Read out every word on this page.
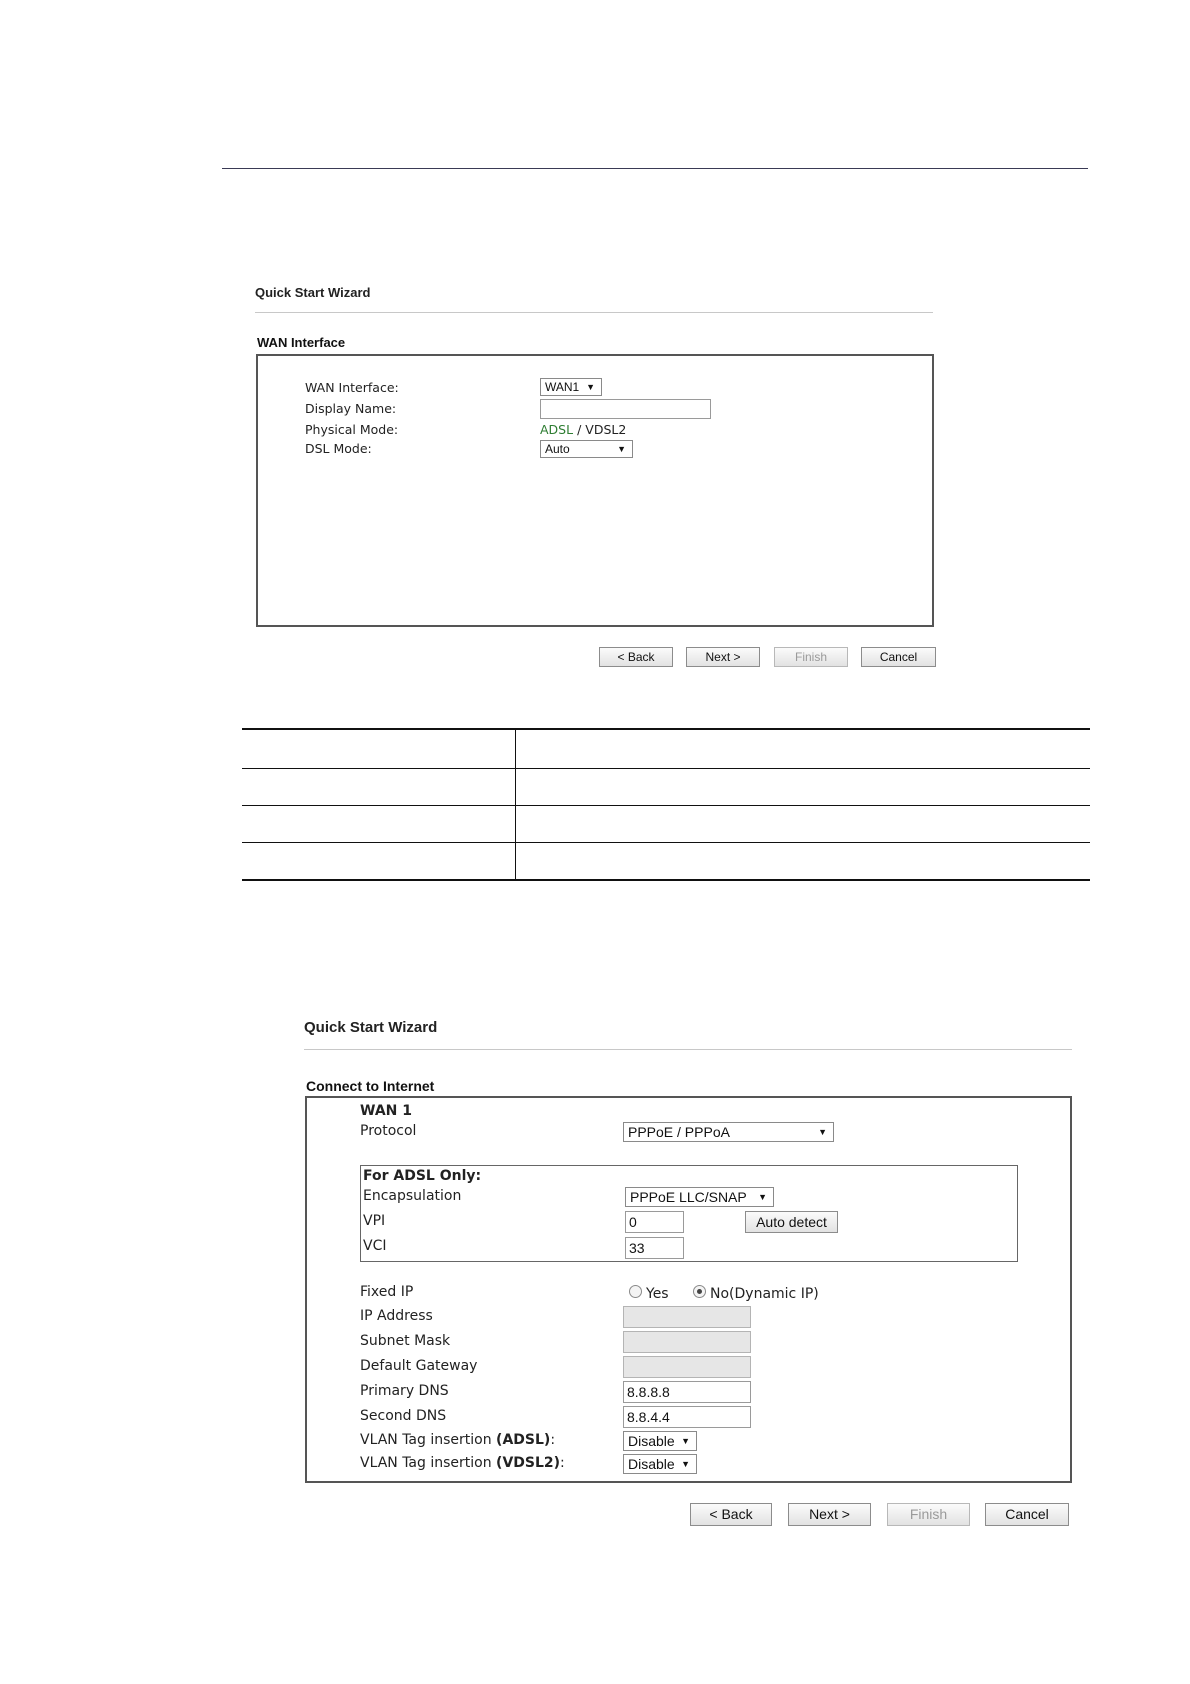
Quick Start Wizard
WAN Interface
WAN Interface:	WAN1 ▼
Display Name:
Physical Mode:	ADSL / VDSL2
DSL Mode:	Auto	▼
< Back	Next >	Finish	Cancel
Quick Start Wizard
Connect to Internet
WAN 1
Protocol	PPPoE / PPPoA	▼
For ADSL Only:
Encapsulation	PPPoE LLC/SNAP ▼
VPI	0	Auto detect
VCI	33
Fixed IP	Yes	No(Dynamic IP)
IP Address
Subnet Mask
Default Gateway
Primary DNS	8.8.8.8
Second DNS	8.8.4.4
VLAN Tag insertion (ADSL):	Disable ▼
VLAN Tag insertion (VDSL2):	Disable ▼
< Back	Next >	Finish	Cancel
